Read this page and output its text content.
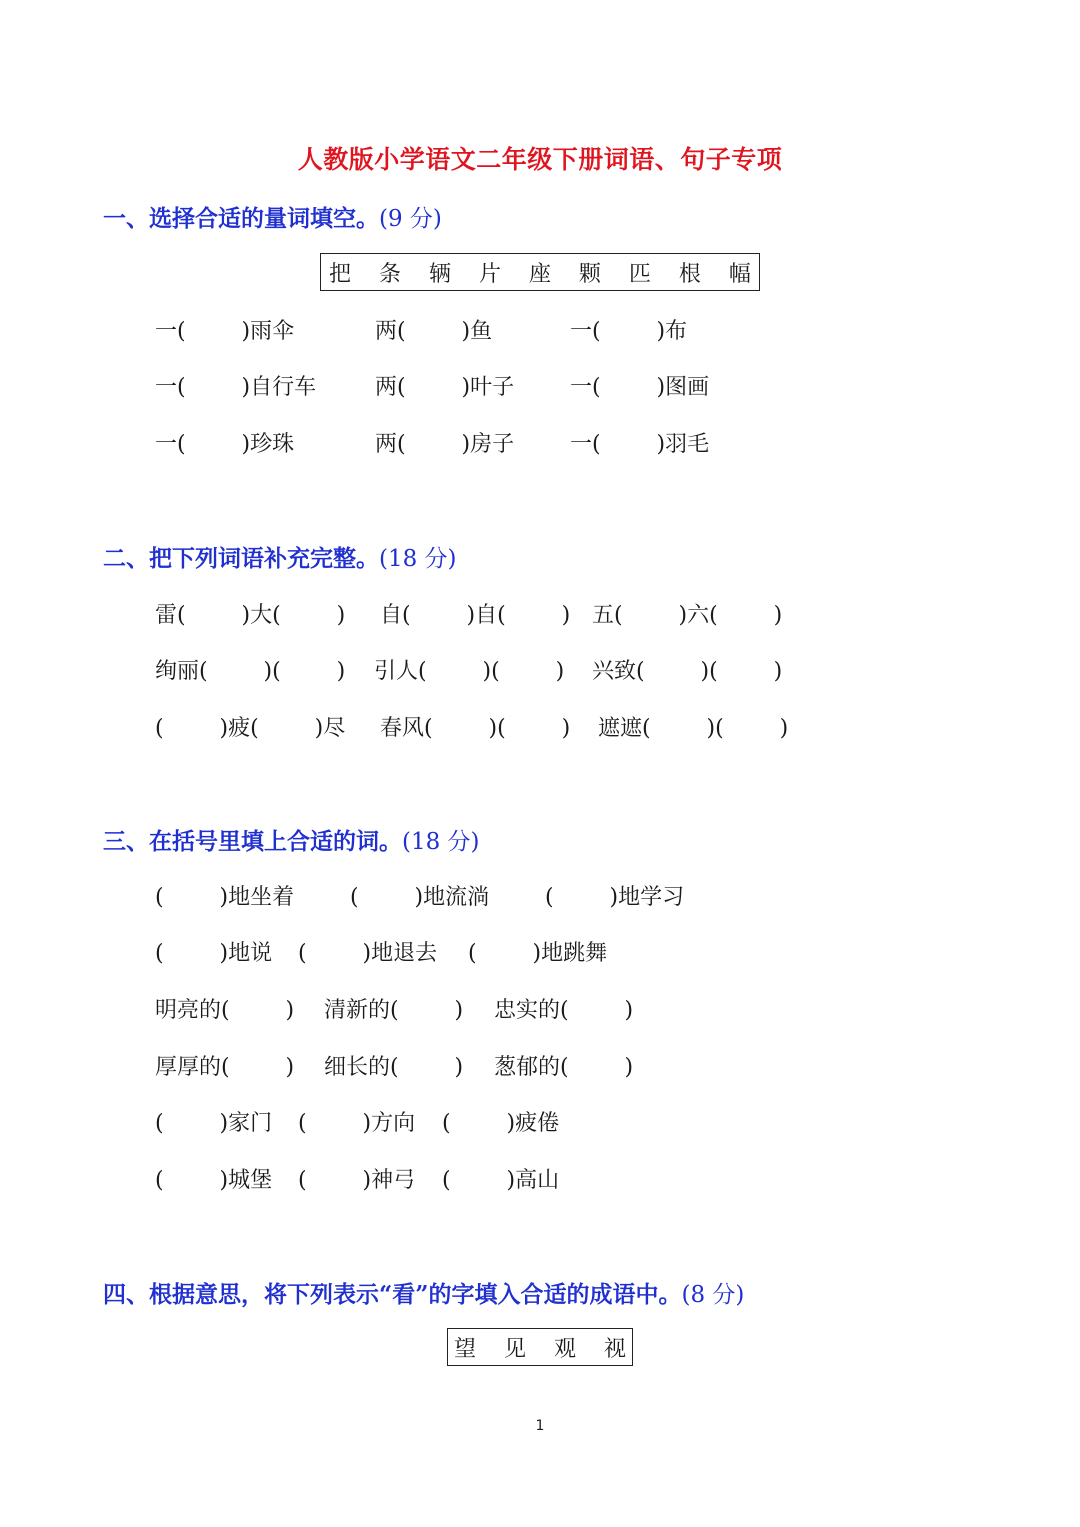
人教版小学语文二年级下册词语、句子专项
一、选择合适的量词填空。(9 分)
把 条 辆 片 座 颗 匹 根 幅
一(        )雨伞	两(        )鱼	一(        )布
一(        )自行车	两(        )叶子	一(        )图画
一(        )珍珠	两(        )房子	一(        )羽毛
二、把下列词语补充完整。(18 分)
雷(        )大(        ) 自(        )自(        ) 五(        )六(        )
绚丽(        )(        ) 引人(        )(        ) 兴致(        )(        )
(        )疲(        )尽 春风(        )(        ) 遮遮(        )(        )
三、在括号里填上合适的词。(18 分)
(        )地坐着	(        )地流淌	(        )地学习
(        )地说 (        )地退去 (        )地跳舞
明亮的(        ) 清新的(        ) 忠实的(        )
厚厚的(        ) 细长的(        ) 葱郁的(        )
(        )家门 (        )方向 (        )疲倦
(        )城堡 (        )神弓 (        )高山
四、根据意思，将下列表示“看”的字填入合适的成语中。(8 分)
望 见 观 视
1
